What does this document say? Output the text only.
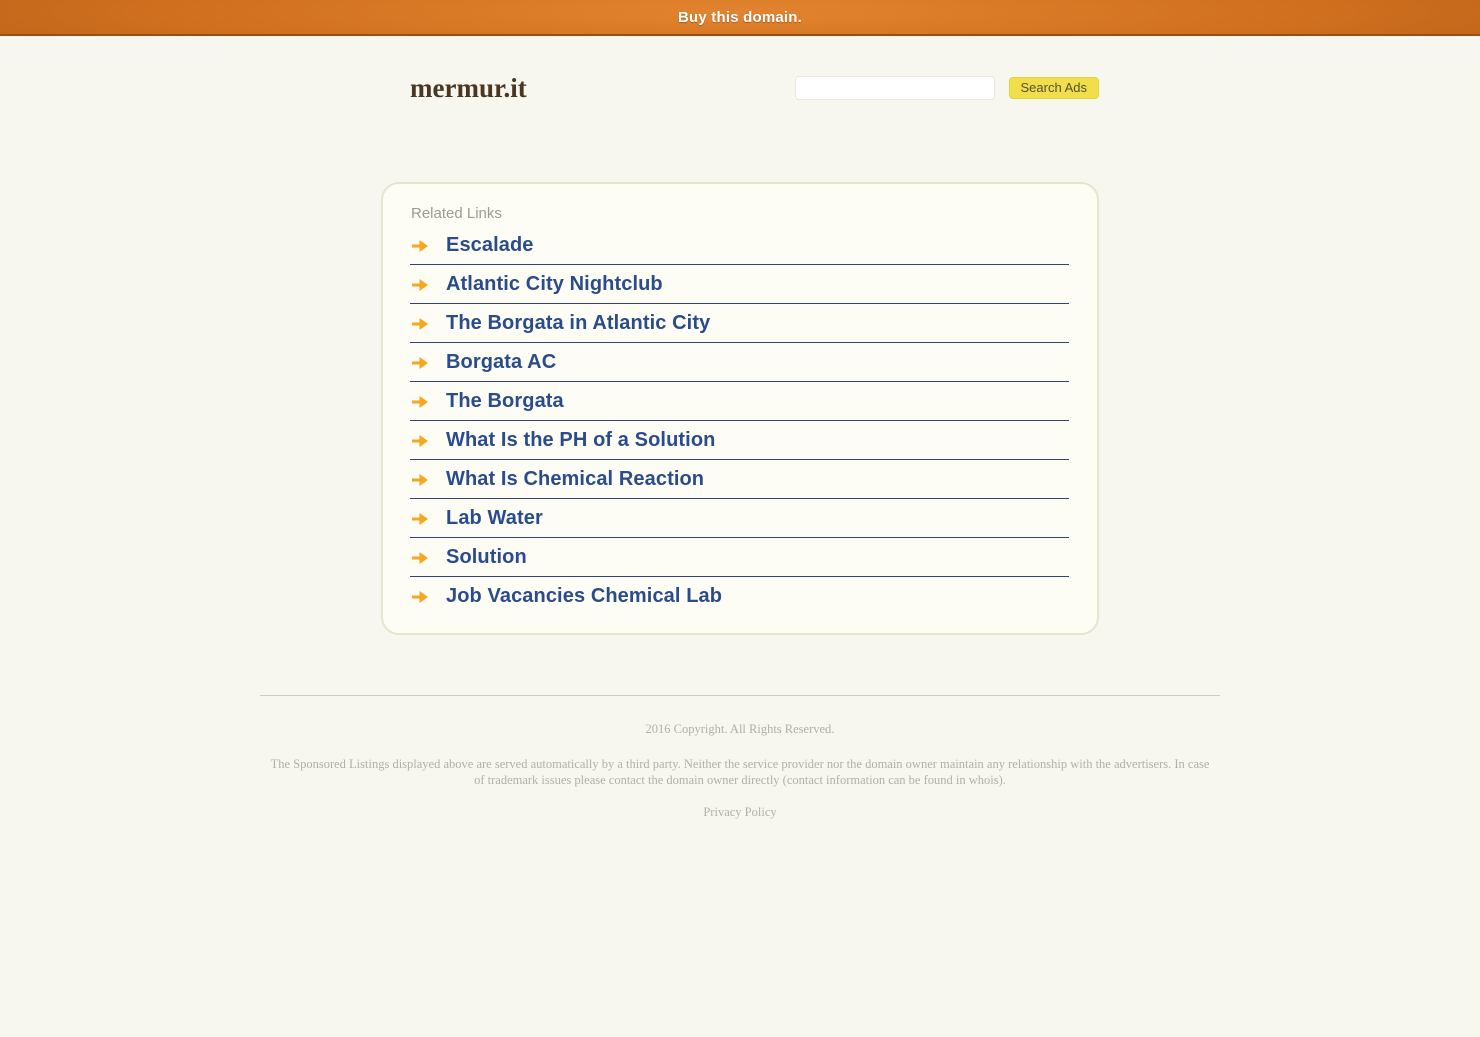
Buy this domain.
mermur.it	Search Ads
Related Links
Escalade
Atlantic City Nightclub
The Borgata in Atlantic City
Borgata AC
The Borgata
What Is the PH of a Solution
What Is Chemical Reaction
Lab Water
Solution
Job Vacancies Chemical Lab

2016 Copyright. All Rights Reserved.

The Sponsored Listings displayed above are served automatically by a third party. Neither the service provider nor the domain owner maintain any relationship with the advertisers. In case of trademark issues please contact the domain owner directly (contact information can be found in whois).

Privacy Policy
